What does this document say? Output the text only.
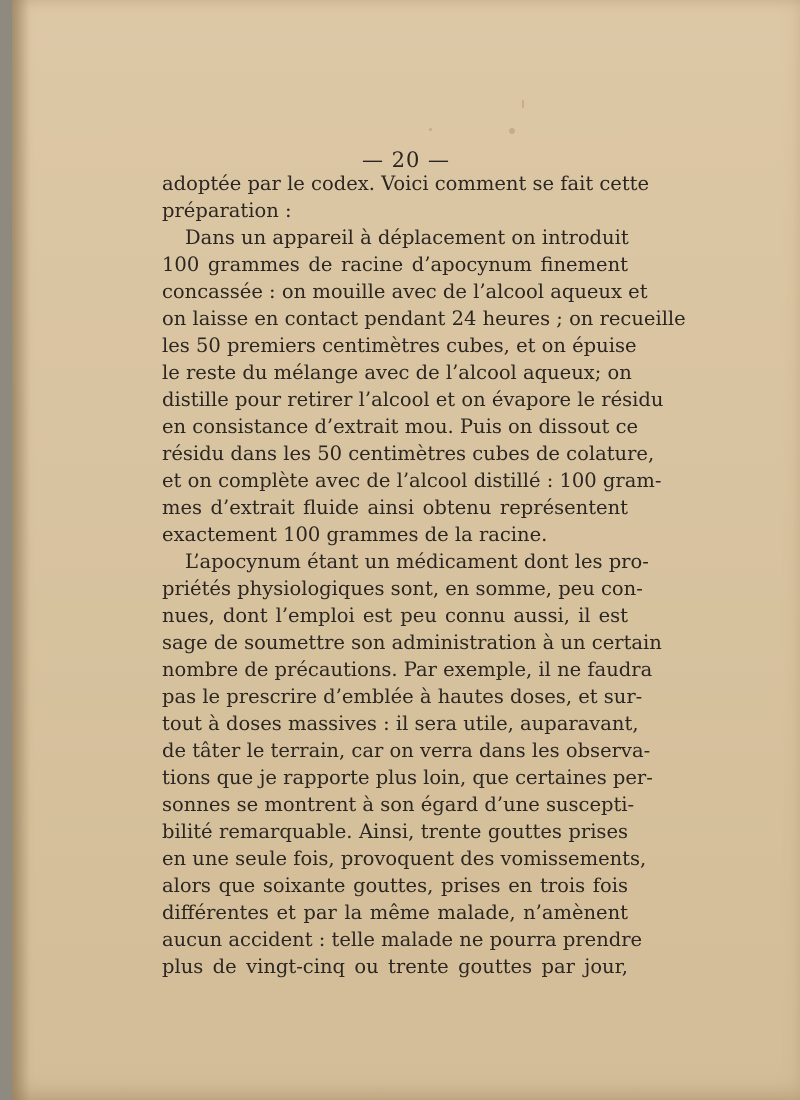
— 20 —
adoptée par le codex. Voici comment se fait cette
préparation :
Dans un appareil à déplacement on introduit
100 grammes de racine d’apocynum finement
concassée : on mouille avec de l’alcool aqueux et
on laisse en contact pendant 24 heures ; on recueille
les 50 premiers centimètres cubes, et on épuise
le reste du mélange avec de l’alcool aqueux; on
distille pour retirer l’alcool et on évapore le résidu
en consistance d’extrait mou. Puis on dissout ce
résidu dans les 50 centimètres cubes de colature,
et on complète avec de l’alcool distillé : 100 gram-
mes d’extrait fluide ainsi obtenu représentent
exactement 100 grammes de la racine.
L’apocynum étant un médicament dont les pro-
priétés physiologiques sont, en somme, peu con-
nues, dont l’emploi est peu connu aussi, il est
sage de soumettre son administration à un certain
nombre de précautions. Par exemple, il ne faudra
pas le prescrire d’emblée à hautes doses, et sur-
tout à doses massives : il sera utile, auparavant,
de tâter le terrain, car on verra dans les observa-
tions que je rapporte plus loin, que certaines per-
sonnes se montrent à son égard d’une suscepti-
bilité remarquable. Ainsi, trente gouttes prises
en une seule fois, provoquent des vomissements,
alors que soixante gouttes, prises en trois fois
différentes et par la même malade, n’amènent
aucun accident : telle malade ne pourra prendre
plus de vingt-cinq ou trente gouttes par jour,
